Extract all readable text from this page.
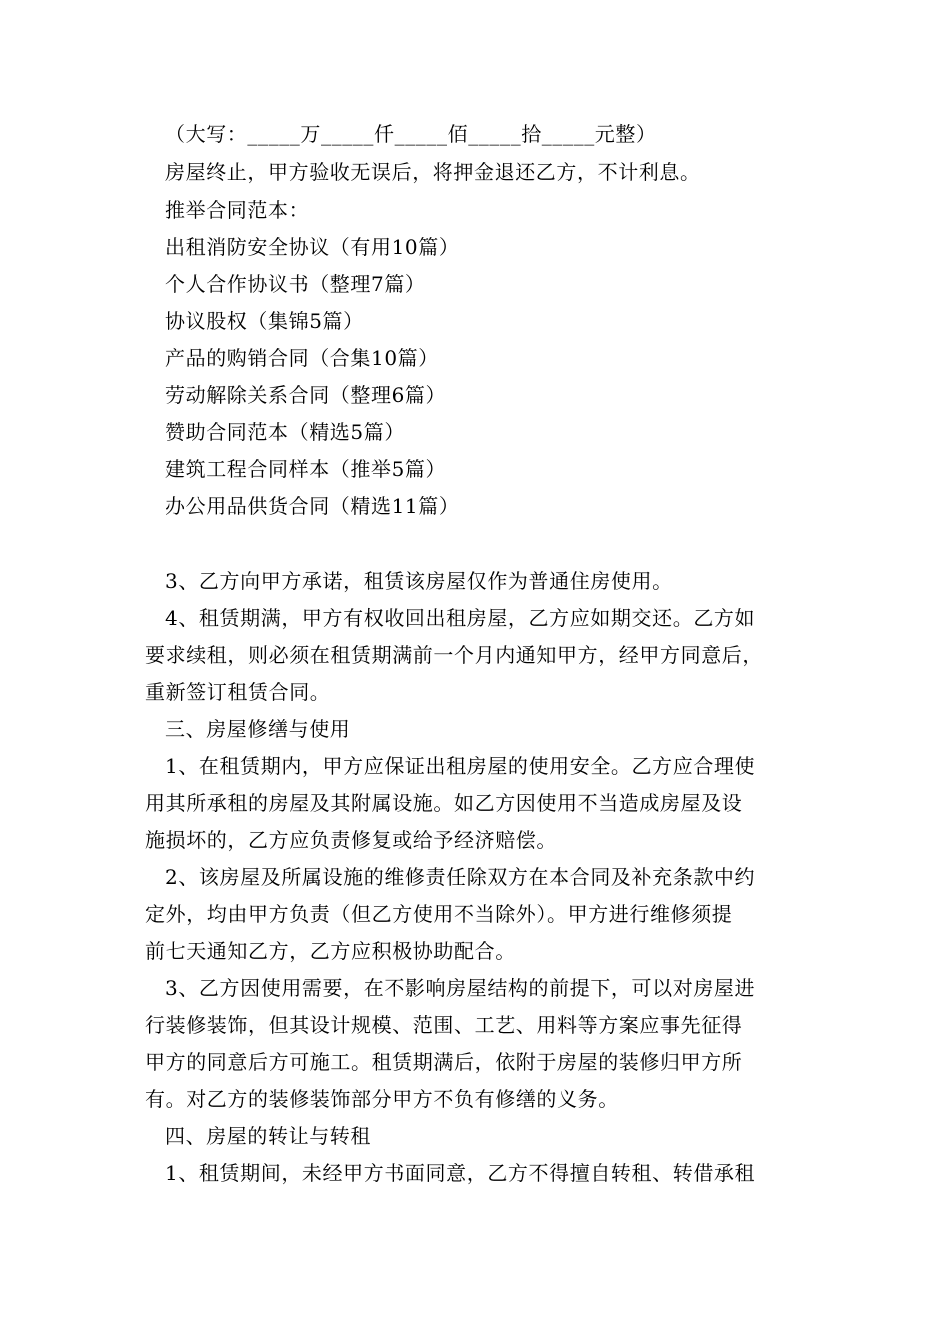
（大写：_____万_____仟_____佰_____拾_____元整）
房屋终止，甲方验收无误后，将押金退还乙方，不计利息。
推举合同范本：
出租消防安全协议（有用10篇）
个人合作协议书（整理7篇）
协议股权（集锦5篇）
产品的购销合同（合集10篇）
劳动解除关系合同（整理6篇）
赞助合同范本（精选5篇）
建筑工程合同样本（推举5篇）
办公用品供货合同（精选11篇）
3、乙方向甲方承诺，租赁该房屋仅作为普通住房使用。
4、租赁期满，甲方有权收回出租房屋，乙方应如期交还。乙方如
要求续租，则必须在租赁期满前一个月内通知甲方，经甲方同意后，
重新签订租赁合同。
三、房屋修缮与使用
1、在租赁期内，甲方应保证出租房屋的使用安全。乙方应合理使
用其所承租的房屋及其附属设施。如乙方因使用不当造成房屋及设
施损坏的，乙方应负责修复或给予经济赔偿。
2、该房屋及所属设施的维修责任除双方在本合同及补充条款中约
定外，均由甲方负责（但乙方使用不当除外）。甲方进行维修须提
前七天通知乙方，乙方应积极协助配合。
3、乙方因使用需要，在不影响房屋结构的前提下，可以对房屋进
行装修装饰，但其设计规模、范围、工艺、用料等方案应事先征得
甲方的同意后方可施工。租赁期满后，依附于房屋的装修归甲方所
有。对乙方的装修装饰部分甲方不负有修缮的义务。
四、房屋的转让与转租
1、租赁期间，未经甲方书面同意，乙方不得擅自转租、转借承租
